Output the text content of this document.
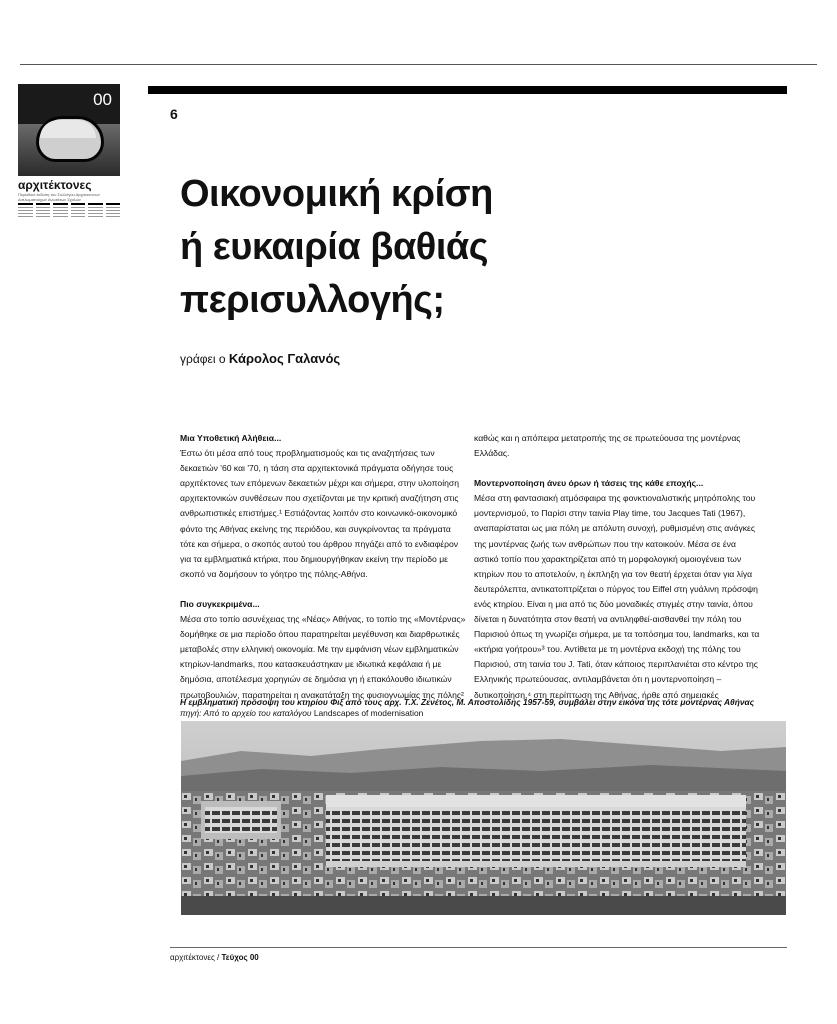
00
αρχιτέκτονες
Περιοδικό έκδοση του Συλλόγου Αρχιτεκτόνων Διπλωματούχων Ανωτάτων Σχολών
6
Οικονομική κρίση
ή ευκαιρία βαθιάς
περισυλλογής;
γράφει ο Κάρολος Γαλανός

Μια Υποθετική Αλήθεια...

Έστω ότι μέσα από τους προβληματισμούς και τις αναζητήσεις των δεκαετιών '60 και '70, η τάση στα αρχιτεκτονικά πράγματα οδήγησε τους αρχιτέκτονες των επόμενων δεκαετιών μέχρι και σήμερα, στην υλοποίηση αρχιτεκτονικών συνθέσεων που σχετίζονται με την κριτική αναζήτηση στις ανθρωπιστικές επιστήμες.¹ Εστιάζοντας λοιπόν στο κοινωνικό-οικονομικό φόντο της Αθήνας εκείνης της περιόδου, και συγκρίνοντας τα πράγματα τότε και σήμερα, ο σκοπός αυτού του άρθρου πηγάζει από το ενδιαφέρον για τα εμβληματικά κτήρια, που δημιουργήθηκαν εκείνη την περίοδο με σκοπό να δομήσουν το γόητρο της πόλης-Αθήνα.

Πιο συγκεκριμένα...

Μέσα στο τοπίο ασυνέχειας της «Νέας» Αθήνας, το τοπίο της «Μοντέρνας» δομήθηκε σε μια περίοδο όπου παρατηρείται μεγέθυνση και διαρθρωτικές μεταβολές στην ελληνική οικονομία. Με την εμφάνιση νέων εμβληματικών κτηρίων-landmarks, που κατασκευάστηκαν με ιδιωτικά κεφάλαια ή με δημόσια, αποτέλεσμα χορηγιών σε δημόσια γη ή επακόλουθο ιδιωτικών πρωτοβουλιών, παρατηρείται η ανακατάταξη της φυσιογνωμίας της πόλης²

καθώς και η απόπειρα μετατροπής της σε πρωτεύουσα της μοντέρνας Ελλάδας.

Μοντερνοποίηση άνευ όρων ή τάσεις της κάθε εποχής...

Μέσα στη φαντασιακή ατμόσφαιρα της φονκτιοναλιστικής μητρόπολης του μοντερνισμού, το Παρίσι στην ταινία Play time, του Jacques Tati (1967), αναπαρίσταται ως μια πόλη με απόλυτη συνοχή, ρυθμισμένη στις ανάγκες της μοντέρνας ζωής των ανθρώπων που την κατοικούν. Μέσα σε ένα αστικό τοπίο που χαρακτηρίζεται από τη μορφολογική ομοιογένεια των κτηρίων που το αποτελούν, η έκπληξη για τον θεατή έρχεται όταν για λίγα δευτερόλεπτα, αντικατοπτρίζεται ο πύργος του Eiffel στη γυάλινη πρόσοψη ενός κτηρίου. Είναι η μια από τις δύο μοναδικές στιγμές στην ταινία, όπου δίνεται η δυνατότητα στον θεατή να αντιληφθεί-αισθανθεί την πόλη του Παρισιού όπως τη γνωρίζει σήμερα, με τα τοπόσημα του, landmarks, και τα «κτήρια γοήτρου»³ του. Αντίθετα με τη μοντέρνα εκδοχή της πόλης του Παρισιού, στη ταινία του J. Tati, όταν κάποιος περιπλανιέται στο κέντρο της Ελληνικής πρωτεύουσας, αντιλαμβάνεται ότι η μοντερνοποίηση – δυτικοποίηση,⁴ στη περίπτωση της Αθήνας, ήρθε από σημειακές

Η εμβληματική πρόσοψη του κτηρίου Φιξ από τους αρχ. Τ.Χ. Ζενέτος, Μ. Αποστολίδης 1957-59, συμβάλει στην εικόνα της τότε μοντέρνας Αθήνας
πηγή: Από το αρχείο του καταλόγου Landscapes of modernisation
αρχιτέκτονες / Τεύχος 00
